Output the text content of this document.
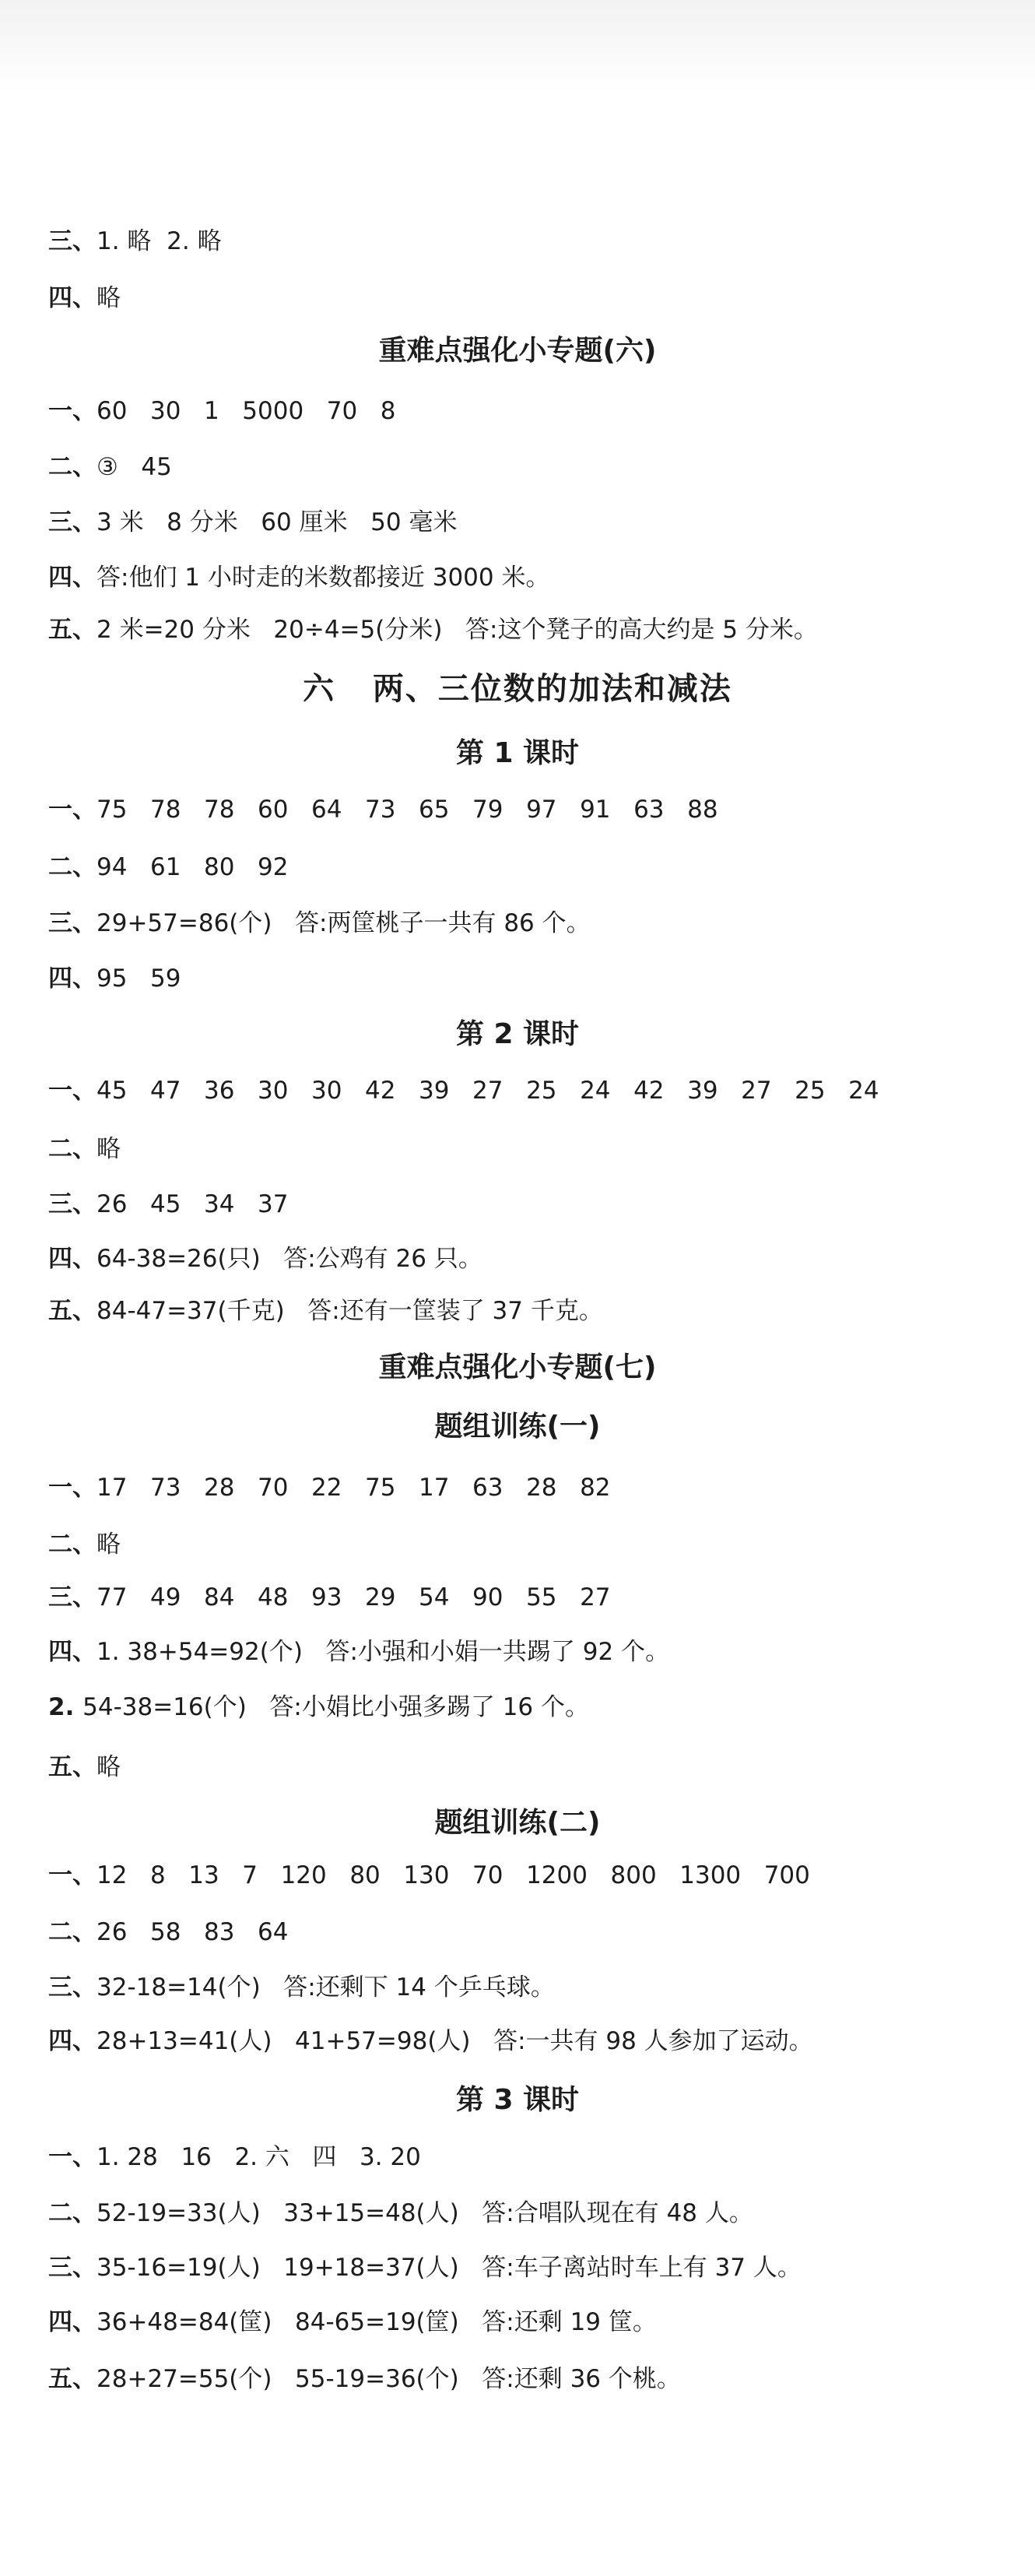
三、1. 略  2. 略
四、略
重难点强化小专题(六)
一、60   30   1   5000   70   8
二、③   45
三、3 米   8 分米   60 厘米   50 毫米
四、答:他们 1 小时走的米数都接近 3000 米。
五、2 米=20 分米   20÷4=5(分米)   答:这个凳子的高大约是 5 分米。
六   两、三位数的加法和减法
第 1 课时
一、75   78   78   60   64   73   65   79   97   91   63   88
二、94   61   80   92
三、29+57=86(个)   答:两筐桃子一共有 86 个。
四、95   59
第 2 课时
一、45   47   36   30   30   42   39   27   25   24   42   39   27   25   24
二、略
三、26   45   34   37
四、64-38=26(只)   答:公鸡有 26 只。
五、84-47=37(千克)   答:还有一筐装了 37 千克。
重难点强化小专题(七)
题组训练(一)
一、17   73   28   70   22   75   17   63   28   82
二、略
三、77   49   84   48   93   29   54   90   55   27
四、1. 38+54=92(个)   答:小强和小娟一共踢了 92 个。
2. 54-38=16(个)   答:小娟比小强多踢了 16 个。
五、略
题组训练(二)
一、12   8   13   7   120   80   130   70   1200   800   1300   700
二、26   58   83   64
三、32-18=14(个)   答:还剩下 14 个乒乓球。
四、28+13=41(人)   41+57=98(人)   答:一共有 98 人参加了运动。
第 3 课时
一、1. 28   16   2. 六   四   3. 20
二、52-19=33(人)   33+15=48(人)   答:合唱队现在有 48 人。
三、35-16=19(人)   19+18=37(人)   答:车子离站时车上有 37 人。
四、36+48=84(筐)   84-65=19(筐)   答:还剩 19 筐。
五、28+27=55(个)   55-19=36(个)   答:还剩 36 个桃。
